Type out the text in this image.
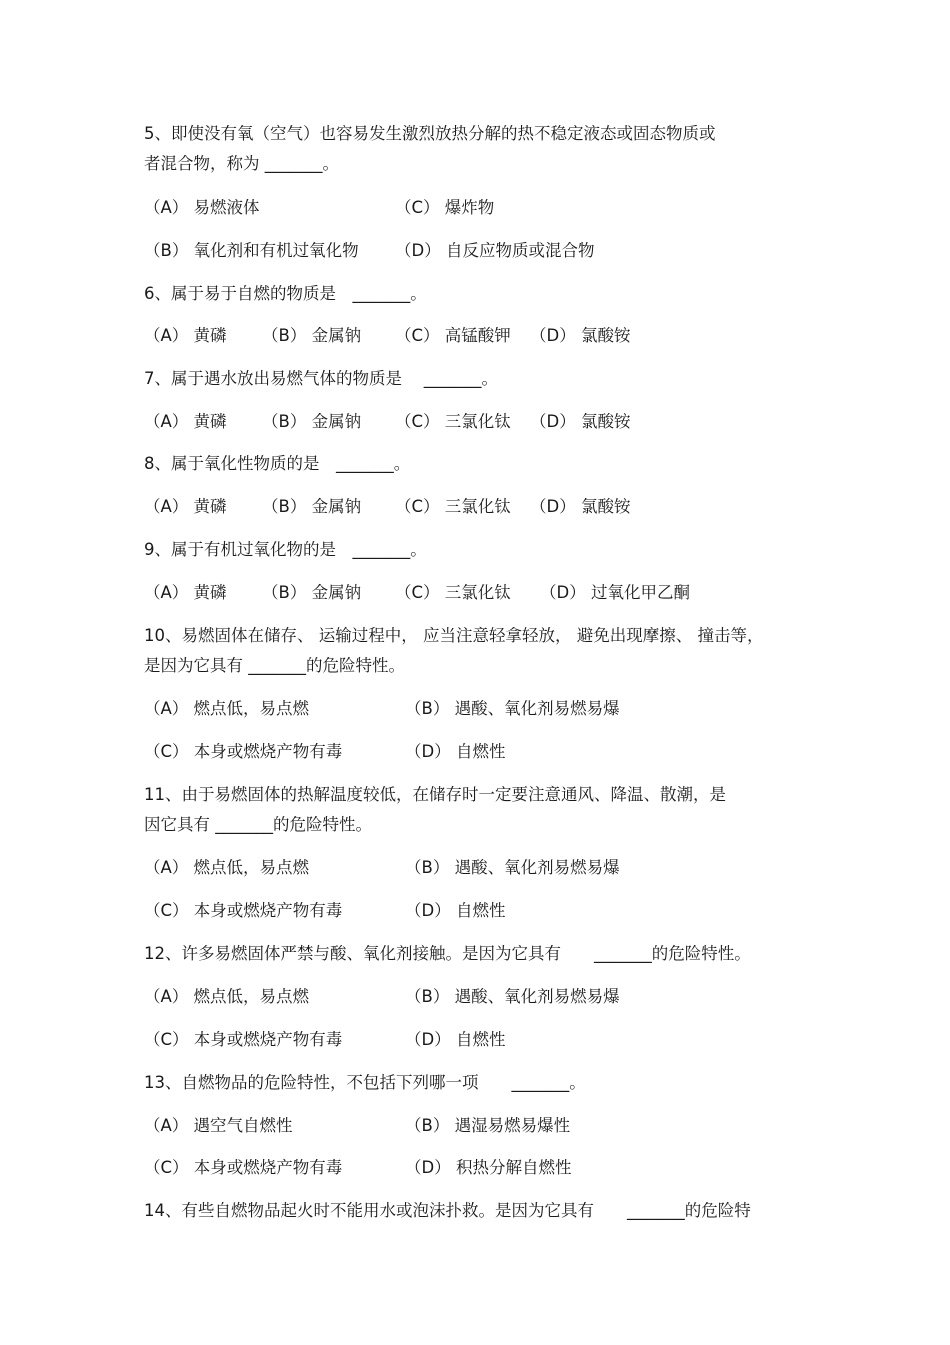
5、即使没有氧（空气）也容易发生激烈放热分解的热不稳定液态或固态物质或
者混合物，称为 _______。
（A） 易燃液体	（C） 爆炸物
（B） 氧化剂和有机过氧化物 （D） 自反应物质或混合物
6、属于易于自燃的物质是　_______。
（A） 黄磷 （B） 金属钠 （C） 高锰酸钾 （D） 氯酸铵
7、属于遇水放出易燃气体的物质是　 _______。
（A） 黄磷 （B） 金属钠 （C） 三氯化钛 （D） 氯酸铵
8、属于氧化性物质的是　_______。
（A） 黄磷 （B） 金属钠 （C） 三氯化钛 （D） 氯酸铵
9、属于有机过氧化物的是　_______。
（A） 黄磷 （B） 金属钠 （C） 三氯化钛 （D） 过氧化甲乙酮
10、易燃固体在储存、 运输过程中， 应当注意轻拿轻放， 避免出现摩擦、 撞击等，
是因为它具有 _______的危险特性。
（A） 燃点低，易点燃	（B） 遇酸、氧化剂易燃易爆
（C） 本身或燃烧产物有毒	（D） 自燃性
11、由于易燃固体的热解温度较低，在储存时一定要注意通风、降温、散潮，是
因它具有 _______的危险特性。
（A） 燃点低，易点燃	（B） 遇酸、氧化剂易燃易爆
（C） 本身或燃烧产物有毒	（D） 自燃性
12、许多易燃固体严禁与酸、氧化剂接触。是因为它具有　　_______的危险特性。
（A） 燃点低，易点燃	（B） 遇酸、氧化剂易燃易爆
（C） 本身或燃烧产物有毒	（D） 自燃性
13、自燃物品的危险特性，不包括下列哪一项　　_______。
（A） 遇空气自燃性	（B） 遇湿易燃易爆性
（C） 本身或燃烧产物有毒	（D） 积热分解自燃性
14、有些自燃物品起火时不能用水或泡沫扑救。是因为它具有　　_______的危险特
